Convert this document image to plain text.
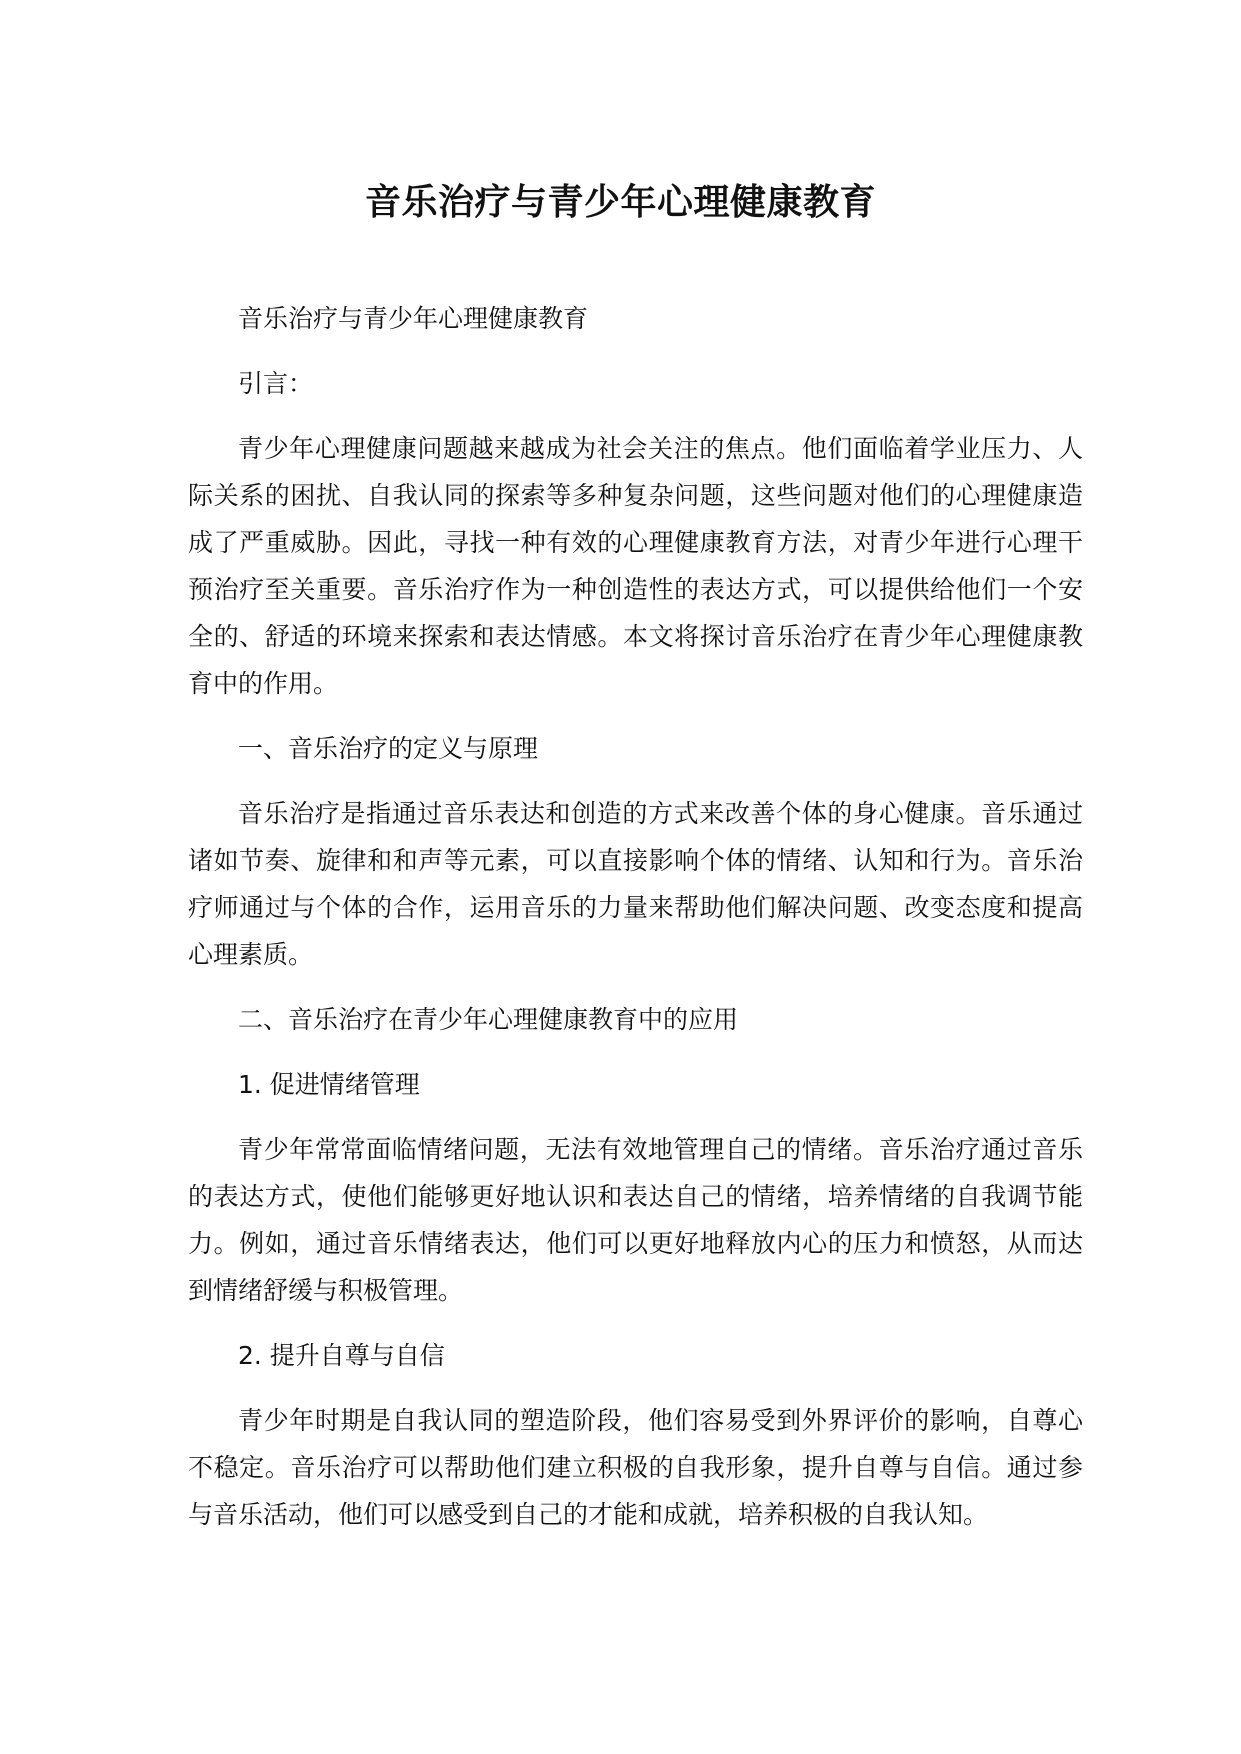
音乐治疗与青少年心理健康教育

音乐治疗与青少年心理健康教育

引言：

青少年心理健康问题越来越成为社会关注的焦点。他们面临着学业压力、人际关系的困扰、自我认同的探索等多种复杂问题，这些问题对他们的心理健康造成了严重威胁。因此，寻找一种有效的心理健康教育方法，对青少年进行心理干预治疗至关重要。音乐治疗作为一种创造性的表达方式，可以提供给他们一个安全的、舒适的环境来探索和表达情感。本文将探讨音乐治疗在青少年心理健康教育中的作用。

一、音乐治疗的定义与原理

音乐治疗是指通过音乐表达和创造的方式来改善个体的身心健康。音乐通过诸如节奏、旋律和和声等元素，可以直接影响个体的情绪、认知和行为。音乐治疗师通过与个体的合作，运用音乐的力量来帮助他们解决问题、改变态度和提高心理素质。

二、音乐治疗在青少年心理健康教育中的应用

1. 促进情绪管理

青少年常常面临情绪问题，无法有效地管理自己的情绪。音乐治疗通过音乐的表达方式，使他们能够更好地认识和表达自己的情绪，培养情绪的自我调节能力。例如，通过音乐情绪表达，他们可以更好地释放内心的压力和愤怒，从而达到情绪舒缓与积极管理。

2. 提升自尊与自信

青少年时期是自我认同的塑造阶段，他们容易受到外界评价的影响，自尊心不稳定。音乐治疗可以帮助他们建立积极的自我形象，提升自尊与自信。通过参与音乐活动，他们可以感受到自己的才能和成就，培养积极的自我认知。
